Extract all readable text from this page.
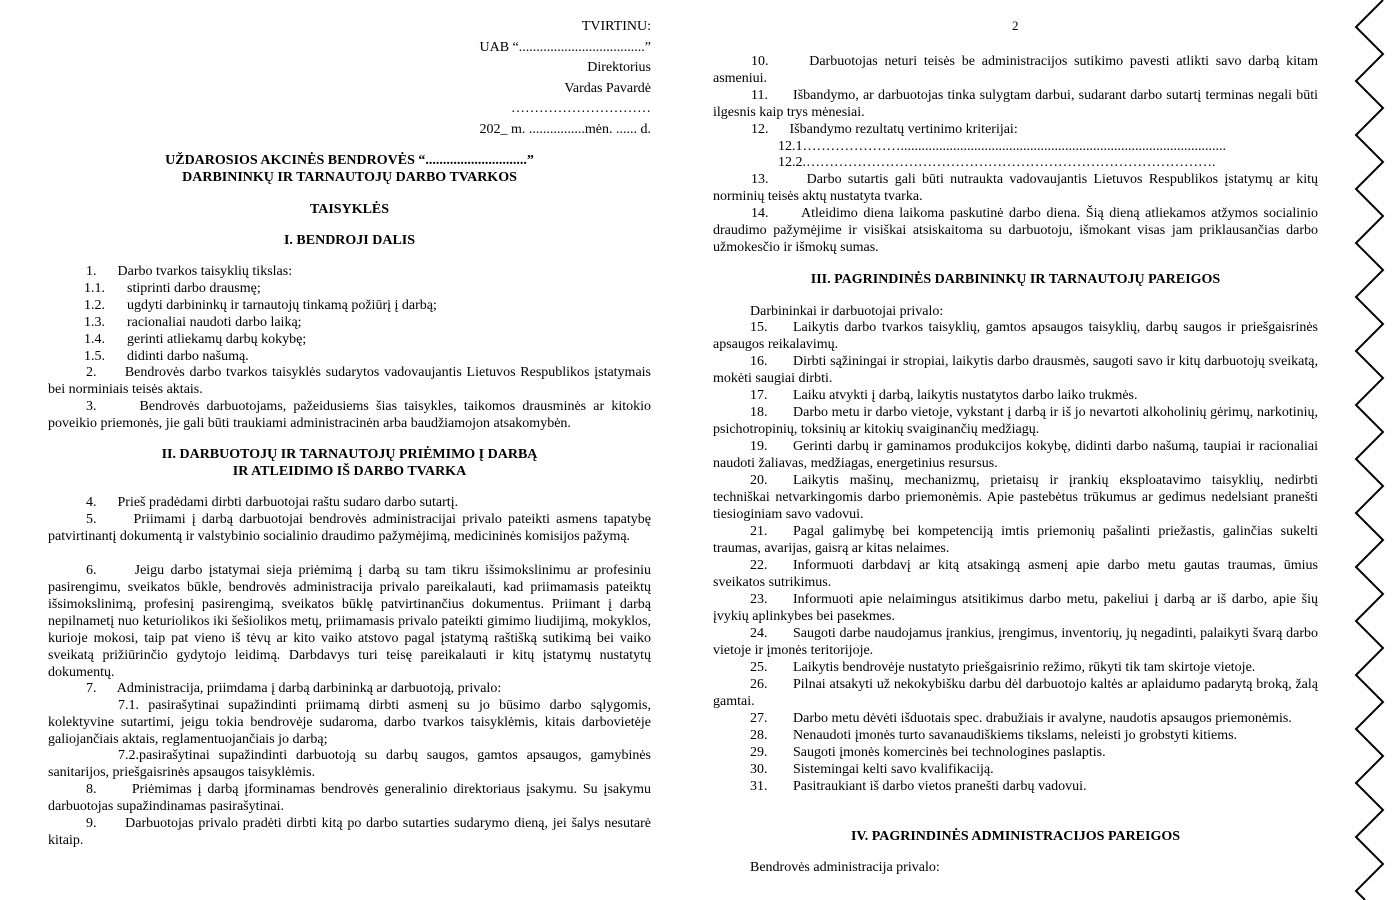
TVIRTINU:
UAB “....................................”
Direktorius
Vardas Pavardė
…………………………
202_ m. ................mėn. ...... d.
UŽDAROSIOS AKCINĖS BENDROVĖS “.............................”
DARBININKŲ IR TARNAUTOJŲ DARBO TVARKOS
TAISYKLĖS
I. BENDROJI DALIS
1.      Darbo tvarkos taisyklių tikslas:
1.1.	stiprinti darbo drausmę;
1.2.	ugdyti darbininkų ir tarnautojų tinkamą požiūrį į darbą;
1.3.	racionaliai naudoti darbo laiką;
1.4.	gerinti atliekamų darbų kokybę;
1.5.	didinti darbo našumą.
2.      Bendrovės darbo tvarkos taisyklės sudarytos vadovaujantis Lietuvos Respublikos įstatymais bei norminiais teisės aktais.
3.      Bendrovės darbuotojams, pažeidusiems šias taisykles, taikomos drausminės ar kitokio poveikio priemonės, jie gali būti traukiami administracinėn arba baudžiamojon atsakomybėn.
II. DARBUOTOJŲ IR TARNAUTOJŲ PRIĖMIMO Į DARBĄ
IR ATLEIDIMO IŠ DARBO TVARKA
4.      Prieš pradėdami dirbti darbuotojai raštu sudaro darbo sutartį.
5.      Priimami į darbą darbuotojai bendrovės administracijai privalo pateikti asmens tapatybę patvirtinantį dokumentą ir valstybinio socialinio draudimo pažymėjimą, medicininės komisijos pažymą.
6.      Jeigu darbo įstatymai sieja priėmimą į darbą su tam tikru išsimokslinimu ar profesiniu pasirengimu, sveikatos būkle, bendrovės administracija privalo pareikalauti, kad priimamasis pateiktų išsimokslinimą, profesinį pasirengimą, sveikatos būklę patvirtinančius dokumentus. Priimant į darbą nepilnametį nuo keturiolikos iki šešiolikos metų, priimamasis privalo pateikti gimimo liudijimą, mokyklos, kurioje mokosi, taip pat vieno iš tėvų ar kito vaiko atstovo pagal įstatymą raštišką sutikimą bei vaiko sveikatą prižiūrinčio gydytojo leidimą. Darbdavys turi teisę pareikalauti ir kitų įstatymų nustatytų dokumentų.
7.      Administracija, priimdama į darbą darbininką ar darbuotoją, privalo:
7.1. pasirašytinai supažindinti priimamą dirbti asmenį su jo būsimo darbo sąlygomis, kolektyvine sutartimi, jeigu tokia bendrovėje sudaroma, darbo tvarkos taisyklėmis, kitais darbovietėje galiojančiais aktais, reglamentuojančiais jo darbą;
7.2.pasirašytinai supažindinti darbuotoją su darbų saugos, gamtos apsaugos, gamybinės sanitarijos, priešgaisrinės apsaugos taisyklėmis.
8.      Priėmimas į darbą įforminamas bendrovės generalinio direktoriaus įsakymu. Su įsakymu darbuotojas supažindinamas pasirašytinai.
9.      Darbuotojas privalo pradėti dirbti kitą po darbo sutarties sudarymo dieną, jei šalys nesutarė kitaip.
2
10.      Darbuotojas neturi teisės be administracijos sutikimo pavesti atlikti savo darbą kitam asmeniui.
11.      Išbandymo, ar darbuotojas tinka sulygtam darbui, sudarant darbo sutartį terminas negali būti ilgesnis kaip trys mėnesiai.
12.      Išbandymo rezultatų vertinimo kriterijai:
12.1………………….............................................................................................
12.2.…………………………………………………………………………….
13.      Darbo sutartis gali būti nutraukta vadovaujantis Lietuvos Respublikos įstatymų ar kitų norminių teisės aktų nustatyta tvarka.
14.      Atleidimo diena laikoma paskutinė darbo diena. Šią dieną atliekamos atžymos socialinio draudimo pažymėjime ir visiškai atsiskaitoma su darbuotoju, išmokant visas jam priklausančias darbo užmokesčio ir išmokų sumas.
III. PAGRINDINĖS DARBININKŲ IR TARNAUTOJŲ PAREIGOS
Darbininkai ir darbuotojai privalo:
15. Laikytis darbo tvarkos taisyklių, gamtos apsaugos taisyklių, darbų saugos ir priešgaisrinės apsaugos reikalavimų.
16. Dirbti sąžiningai ir stropiai, laikytis darbo drausmės, saugoti savo ir kitų darbuotojų sveikatą, mokėti saugiai dirbti.
17. Laiku atvykti į darbą, laikytis nustatytos darbo laiko trukmės.
18. Darbo metu ir darbo vietoje, vykstant į darbą ir iš jo nevartoti alkoholinių gėrimų, narkotinių, psichotropinių, toksinių ar kitokių svaiginančių medžiagų.
19. Gerinti darbų ir gaminamos produkcijos kokybę, didinti darbo našumą, taupiai ir racionaliai naudoti žaliavas, medžiagas, energetinius resursus.
20. Laikytis mašinų, mechanizmų, prietaisų ir įrankių eksploatavimo taisyklių, nedirbti techniškai netvarkingomis darbo priemonėmis. Apie pastebėtus trūkumus ar gedimus nedelsiant pranešti tiesioginiam savo vadovui.
21. Pagal galimybę bei kompetenciją imtis priemonių pašalinti priežastis, galinčias sukelti traumas, avarijas, gaisrą ar kitas nelaimes.
22. Informuoti darbdavį ar kitą atsakingą asmenį apie darbo metu gautas traumas, ūmius sveikatos sutrikimus.
23. Informuoti apie nelaimingus atsitikimus darbo metu, pakeliui į darbą ar iš darbo, apie šių įvykių aplinkybes bei pasekmes.
24. Saugoti darbe naudojamus įrankius, įrengimus, inventorių, jų negadinti, palaikyti švarą darbo vietoje ir įmonės teritorijoje.
25. Laikytis bendrovėje nustatyto priešgaisrinio režimo, rūkyti tik tam skirtoje vietoje.
26. Pilnai atsakyti už nekokybišku darbu dėl darbuotojo kaltės ar aplaidumo padarytą broką, žalą gamtai.
27. Darbo metu dėvėti išduotais spec. drabužiais ir avalyne, naudotis apsaugos priemonėmis.
28. Nenaudoti įmonės turto savanaudiškiems tikslams, neleisti jo grobstyti kitiems.
29. Saugoti įmonės komercinės bei technologines paslaptis.
30. Sistemingai kelti savo kvalifikaciją.
31. Pasitraukiant iš darbo vietos pranešti darbų vadovui.
IV. PAGRINDINĖS ADMINISTRACIJOS PAREIGOS
Bendrovės administracija privalo:
